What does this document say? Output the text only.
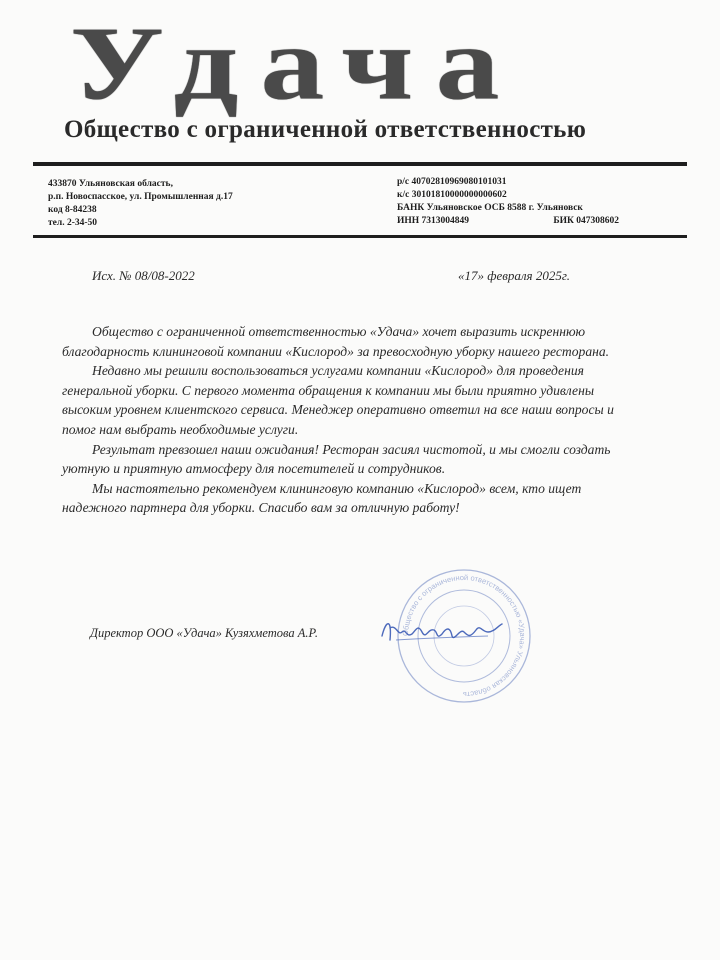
Удача
Общество с ограниченной ответственностью
433870 Ульяновская область,
р.п. Новоспасское, ул. Промышленная д.17
код 8-84238
тел. 2-34-50
р/с 40702810969080101031
к/с 30101810000000000602
БАНК Ульяновское ОСБ 8588 г. Ульяновск
ИНН 7313004849	БИК 047308602
Исх. № 08/08-2022	«17» февраля 2025г.

Общество с ограниченной ответственностью «Удача» хочет выразить искреннюю благодарность клининговой компании «Кислород» за превосходную уборку нашего ресторана.

Недавно мы решили воспользоваться услугами компании «Кислород» для проведения генеральной уборки. С первого момента обращения к компании мы были приятно удивлены высоким уровнем клиентского сервиса. Менеджер оперативно ответил на все наши вопросы и помог нам выбрать необходимые услуги.

Результат превзошел наши ожидания! Ресторан засиял чистотой, и мы смогли создать уютную и приятную атмосферу для посетителей и сотрудников.

Мы настоятельно рекомендуем клининговую компанию «Кислород» всем, кто ищет надежного партнера для уборки. Спасибо вам за отличную работу!

Директор ООО «Удача» Кузяхметова А.Р.	Общество с ограниченной ответственностью «Удача» Ульяновская область
